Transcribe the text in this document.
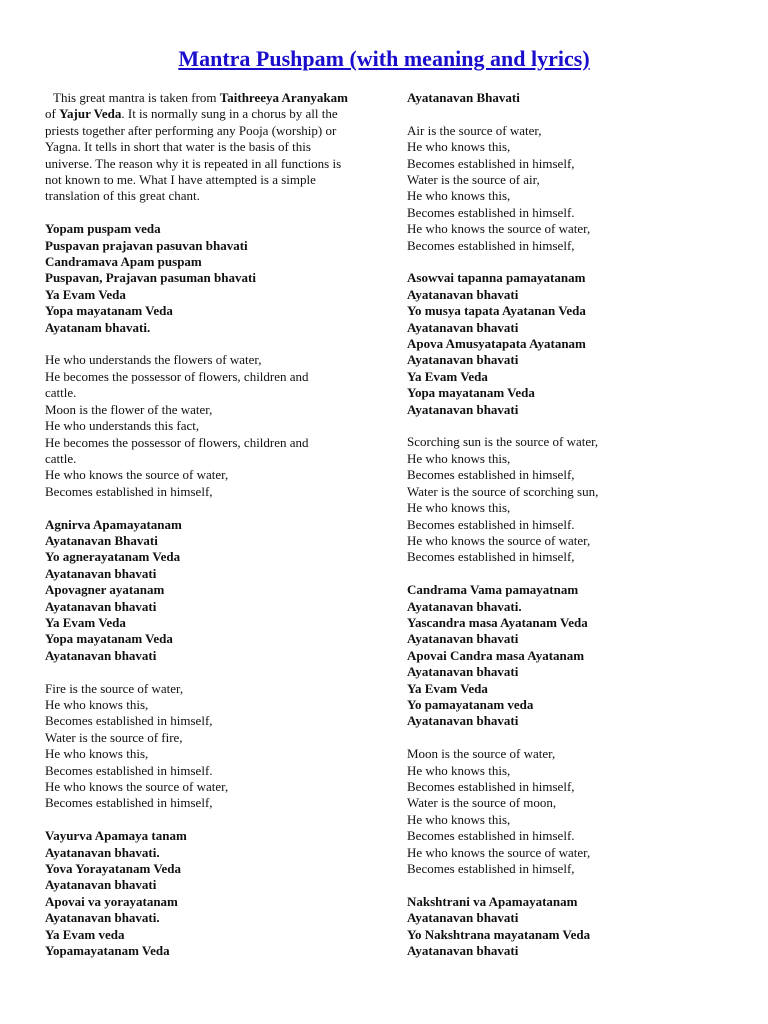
Mantra Pushpam (with meaning and lyrics)

This great mantra is taken from Taithreeya Aranyakam of Yajur Veda. It is normally sung in a chorus by all the priests together after performing any Pooja (worship) or Yagna. It tells in short that water is the basis of this universe. The reason why it is repeated in all functions is not known to me. What I have attempted is a simple translation of this great chant.

Yopam puspam veda
Puspavan prajavan pasuvan bhavati
Candramava Apam puspam
Puspavan, Prajavan pasuman bhavati
Ya Evam Veda
Yopa mayatanam Veda
Ayatanam bhavati.
He who understands the flowers of water,
He becomes the possessor of flowers, children and
cattle.
Moon is the flower of the water,
He who understands this fact,
He becomes the possessor of flowers, children and
cattle.
He who knows the source of water,
Becomes established in himself,
Agnirva Apamayatanam
Ayatanavan Bhavati
Yo agnerayatanam Veda
Ayatanavan bhavati
Apovagner ayatanam
Ayatanavan bhavati
Ya Evam Veda
Yopa mayatanam Veda
Ayatanavan bhavati
Fire is the source of water,
He who knows this,
Becomes established in himself,
Water is the source of fire,
He who knows this,
Becomes established in himself.
He who knows the source of water,
Becomes established in himself,
Vayurva Apamaya tanam
Ayatanavan bhavati.
Yova Yorayatanam Veda
Ayatanavan bhavati
Apovai va yorayatanam
Ayatanavan bhavati.
Ya Evam veda
Yopamayatanam Veda
Ayatanavan Bhavati
Air is the source of water,
He who knows this,
Becomes established in himself,
Water is the source of air,
He who knows this,
Becomes established in himself.
He who knows the source of water,
Becomes established in himself,
Asowvai tapanna pamayatanam
Ayatanavan bhavati
Yo musya tapata Ayatanan Veda
Ayatanavan bhavati
Apova Amusyatapata Ayatanam
Ayatanavan bhavati
Ya Evam Veda
Yopa mayatanam Veda
Ayatanavan bhavati
Scorching sun is the source of water,
He who knows this,
Becomes established in himself,
Water is the source of scorching sun,
He who knows this,
Becomes established in himself.
He who knows the source of water,
Becomes established in himself,
Candrama Vama pamayatnam
Ayatanavan bhavati.
Yascandra masa Ayatanam Veda
Ayatanavan bhavati
Apovai Candra masa Ayatanam
Ayatanavan bhavati
Ya Evam Veda
Yo pamayatanam veda
Ayatanavan bhavati
Moon is the source of water,
He who knows this,
Becomes established in himself,
Water is the source of moon,
He who knows this,
Becomes established in himself.
He who knows the source of water,
Becomes established in himself,
Nakshtrani va Apamayatanam
Ayatanavan bhavati
Yo Nakshtrana mayatanam Veda
Ayatanavan bhavati
